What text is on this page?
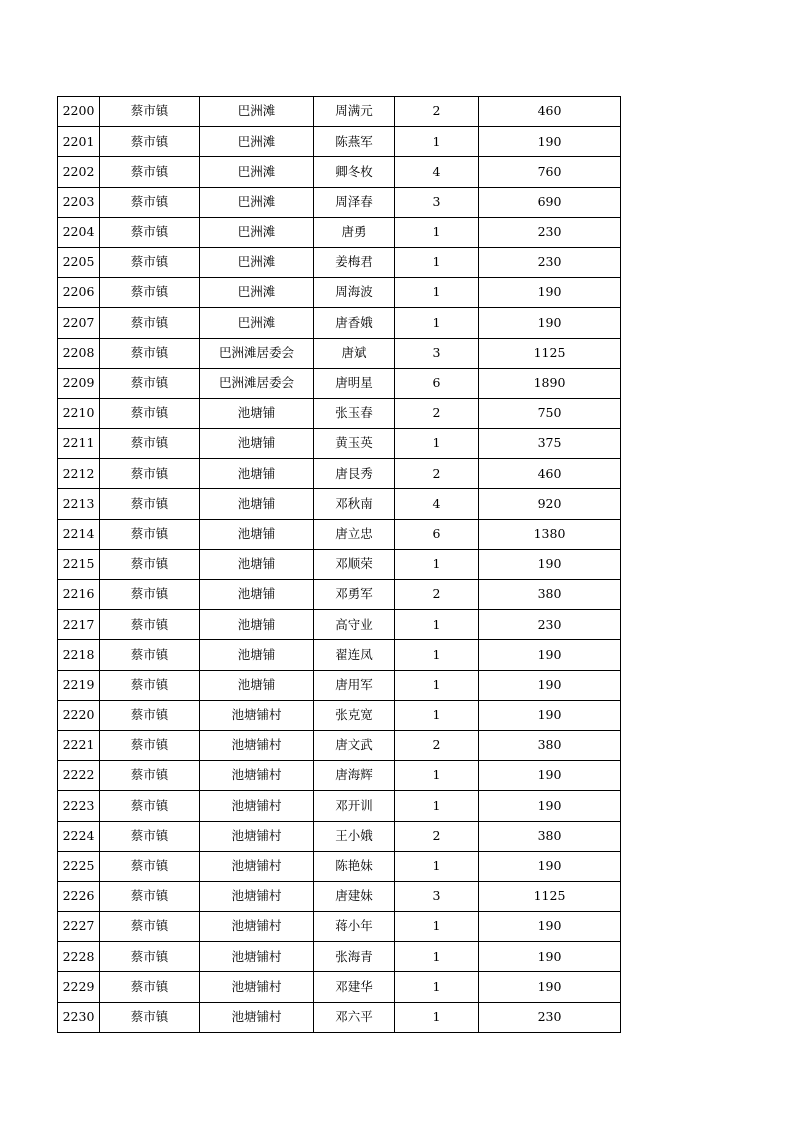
2200	蔡市镇	巴洲滩	周满元	2	460
2201	蔡市镇	巴洲滩	陈燕军	1	190
2202	蔡市镇	巴洲滩	卿冬枚	4	760
2203	蔡市镇	巴洲滩	周泽春	3	690
2204	蔡市镇	巴洲滩	唐勇	1	230
2205	蔡市镇	巴洲滩	姜梅君	1	230
2206	蔡市镇	巴洲滩	周海波	1	190
2207	蔡市镇	巴洲滩	唐香娥	1	190
2208	蔡市镇	巴洲滩居委会	唐斌	3	1125
2209	蔡市镇	巴洲滩居委会	唐明星	6	1890
2210	蔡市镇	池塘铺	张玉春	2	750
2211	蔡市镇	池塘铺	黄玉英	1	375
2212	蔡市镇	池塘铺	唐艮秀	2	460
2213	蔡市镇	池塘铺	邓秋南	4	920
2214	蔡市镇	池塘铺	唐立忠	6	1380
2215	蔡市镇	池塘铺	邓顺荣	1	190
2216	蔡市镇	池塘铺	邓勇军	2	380
2217	蔡市镇	池塘铺	高守业	1	230
2218	蔡市镇	池塘铺	翟连凤	1	190
2219	蔡市镇	池塘铺	唐用军	1	190
2220	蔡市镇	池塘铺村	张克宽	1	190
2221	蔡市镇	池塘铺村	唐文武	2	380
2222	蔡市镇	池塘铺村	唐海辉	1	190
2223	蔡市镇	池塘铺村	邓开训	1	190
2224	蔡市镇	池塘铺村	王小娥	2	380
2225	蔡市镇	池塘铺村	陈艳妹	1	190
2226	蔡市镇	池塘铺村	唐建妹	3	1125
2227	蔡市镇	池塘铺村	蒋小年	1	190
2228	蔡市镇	池塘铺村	张海青	1	190
2229	蔡市镇	池塘铺村	邓建华	1	190
2230	蔡市镇	池塘铺村	邓六平	1	230
